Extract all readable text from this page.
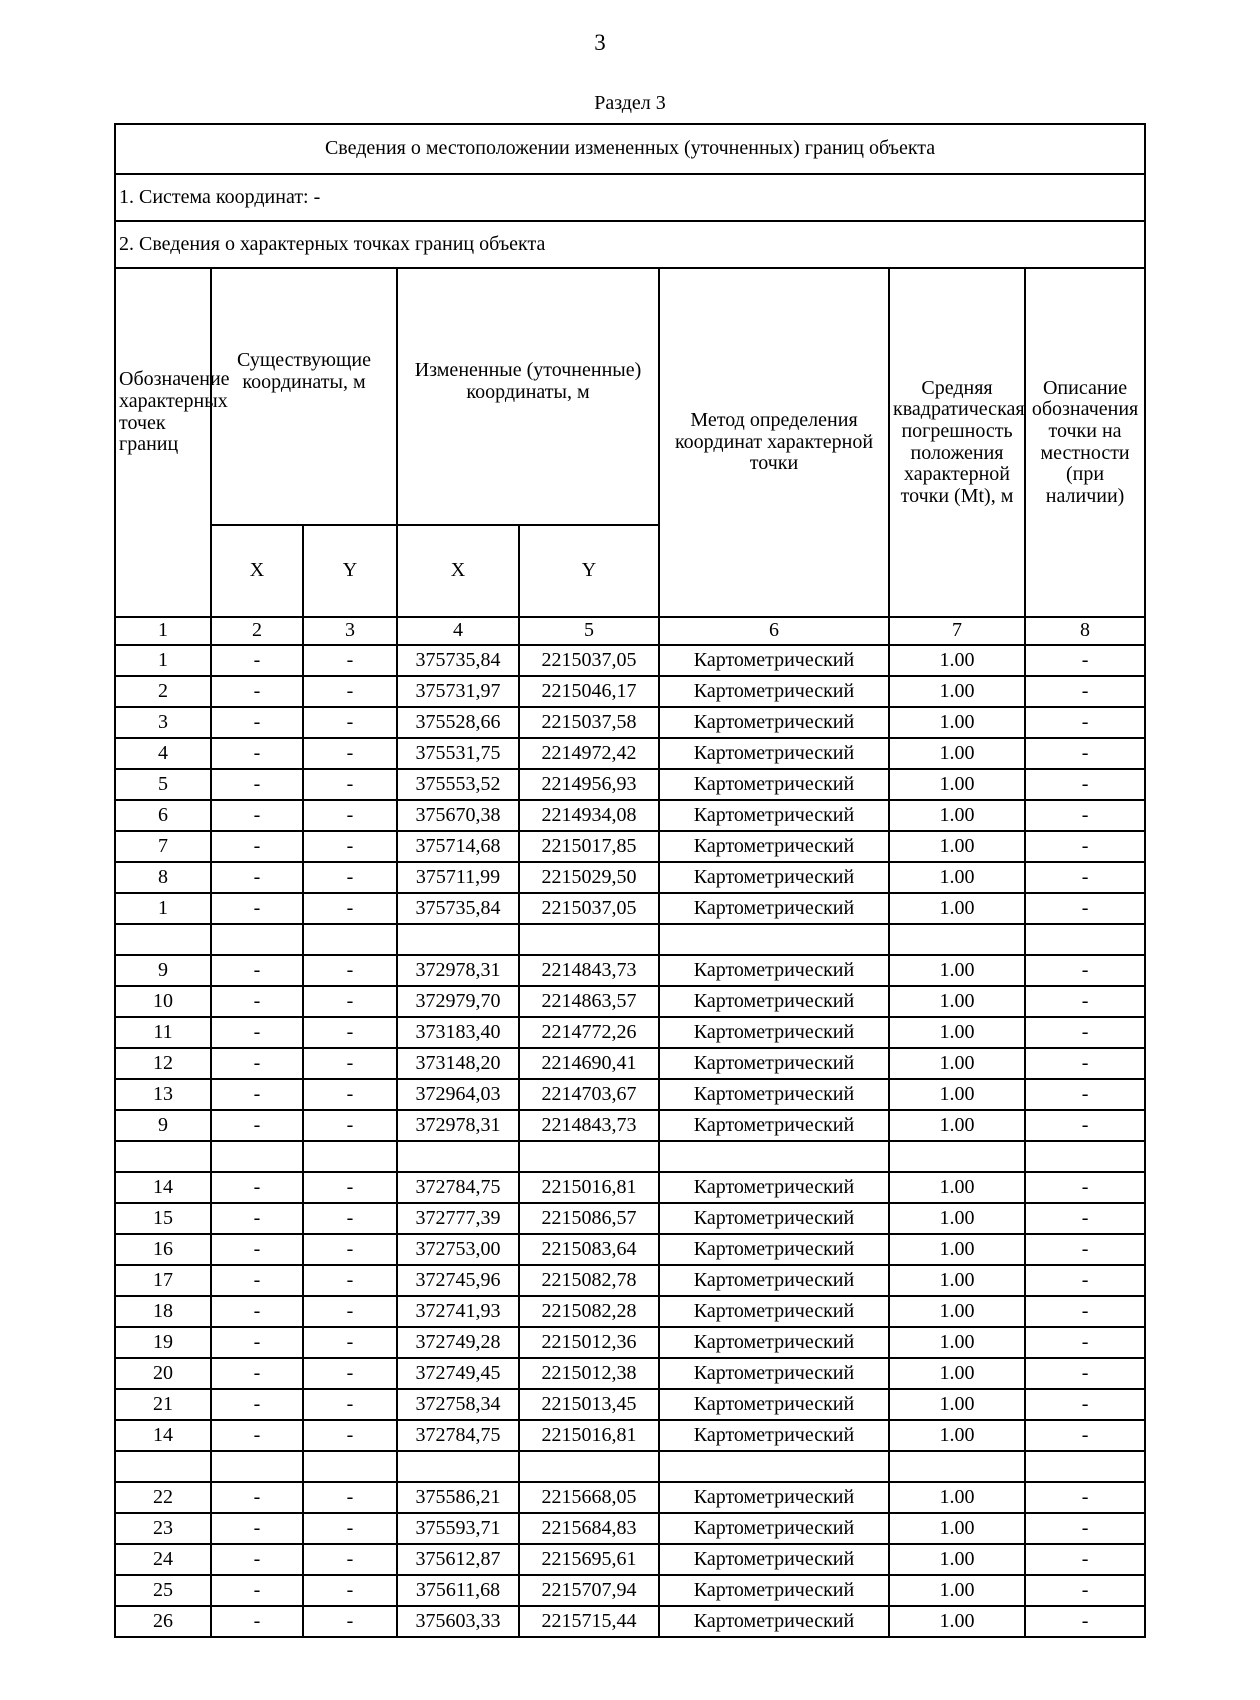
3
Раздел 3
Сведения о местоположении измененных (уточненных) границ объекта							
1. Система координат: -							
2. Сведения о характерных точках границ объекта							
Обозначение характерных точек границ	Существующие координаты, м		Измененные (уточненные) координаты, м		Метод определения координат характерной точки	Средняя квадратическая погрешность положения характерной точки (Mt), м	Описание обозначения точки на местности (при наличии)
	X	Y	X	Y			
1	2	3	4	5	6	7	8
1	-	-	375735,84	2215037,05	Картометрический	1.00	-
2	-	-	375731,97	2215046,17	Картометрический	1.00	-
3	-	-	375528,66	2215037,58	Картометрический	1.00	-
4	-	-	375531,75	2214972,42	Картометрический	1.00	-
5	-	-	375553,52	2214956,93	Картометрический	1.00	-
6	-	-	375670,38	2214934,08	Картометрический	1.00	-
7	-	-	375714,68	2215017,85	Картометрический	1.00	-
8	-	-	375711,99	2215029,50	Картометрический	1.00	-
1	-	-	375735,84	2215037,05	Картометрический	1.00	-

9	-	-	372978,31	2214843,73	Картометрический	1.00	-
10	-	-	372979,70	2214863,57	Картометрический	1.00	-
11	-	-	373183,40	2214772,26	Картометрический	1.00	-
12	-	-	373148,20	2214690,41	Картометрический	1.00	-
13	-	-	372964,03	2214703,67	Картометрический	1.00	-
9	-	-	372978,31	2214843,73	Картометрический	1.00	-

14	-	-	372784,75	2215016,81	Картометрический	1.00	-
15	-	-	372777,39	2215086,57	Картометрический	1.00	-
16	-	-	372753,00	2215083,64	Картометрический	1.00	-
17	-	-	372745,96	2215082,78	Картометрический	1.00	-
18	-	-	372741,93	2215082,28	Картометрический	1.00	-
19	-	-	372749,28	2215012,36	Картометрический	1.00	-
20	-	-	372749,45	2215012,38	Картометрический	1.00	-
21	-	-	372758,34	2215013,45	Картометрический	1.00	-
14	-	-	372784,75	2215016,81	Картометрический	1.00	-

22	-	-	375586,21	2215668,05	Картометрический	1.00	-
23	-	-	375593,71	2215684,83	Картометрический	1.00	-
24	-	-	375612,87	2215695,61	Картометрический	1.00	-
25	-	-	375611,68	2215707,94	Картометрический	1.00	-
26	-	-	375603,33	2215715,44	Картометрический	1.00	-
